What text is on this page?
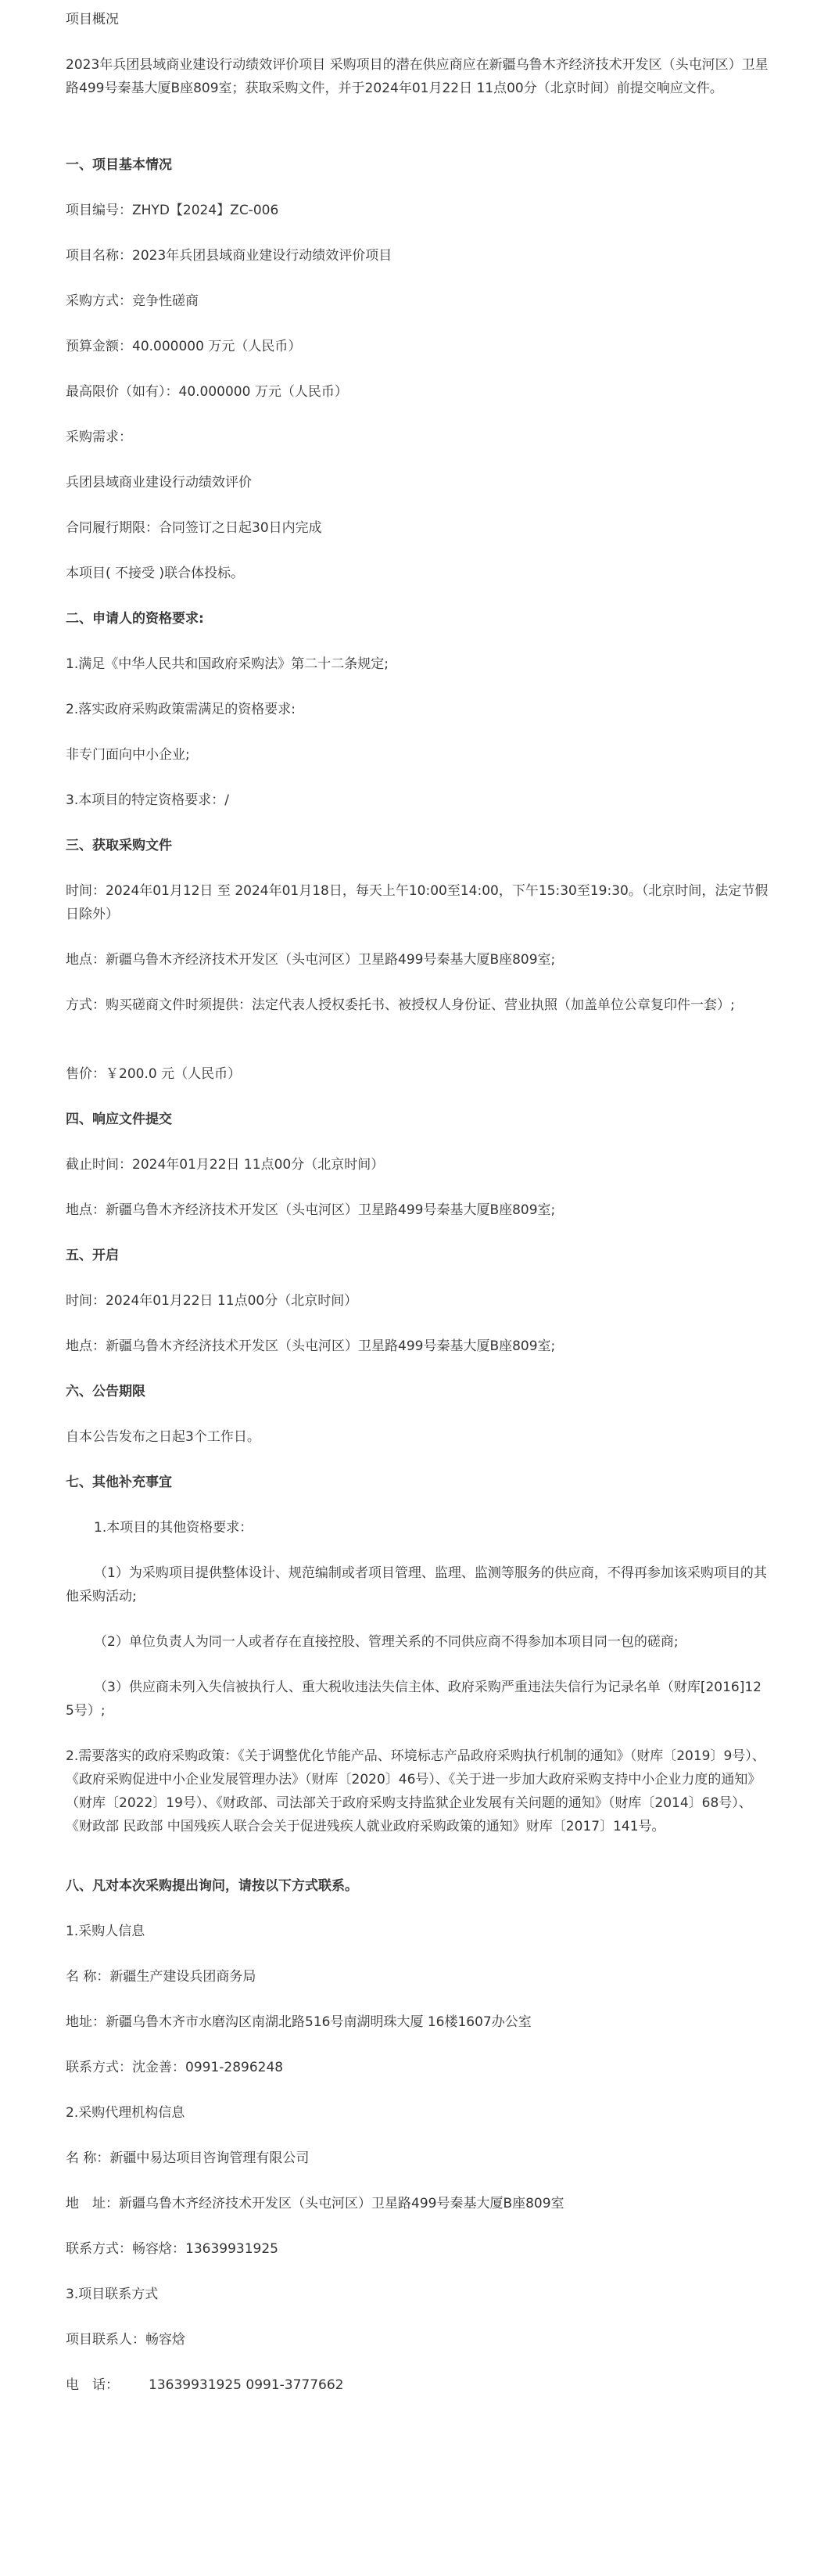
项目概况

2023年兵团县域商业建设行动绩效评价项目 采购项目的潜在供应商应在新疆乌鲁木齐经济技术开发区（头屯河区）卫星路499号秦基大厦B座809室；获取采购文件，并于2024年01月22日 11点00分（北京时间）前提交响应文件。

一、项目基本情况

项目编号：ZHYD【2024】ZC-006

项目名称：2023年兵团县域商业建设行动绩效评价项目

采购方式：竞争性磋商

预算金额：40.000000 万元（人民币）

最高限价（如有）：40.000000 万元（人民币）

采购需求：

兵团县域商业建设行动绩效评价

合同履行期限：合同签订之日起30日内完成

本项目( 不接受 )联合体投标。

二、申请人的资格要求:

1.满足《中华人民共和国政府采购法》第二十二条规定;

2.落实政府采购政策需满足的资格要求:

非专门面向中小企业;

3.本项目的特定资格要求：/

三、获取采购文件

时间：2024年01月12日 至 2024年01月18日，每天上午10:00至14:00，下午15:30至19:30。（北京时间，法定节假日除外）

地点：新疆乌鲁木齐经济技术开发区（头屯河区）卫星路499号秦基大厦B座809室;

方式：购买磋商文件时须提供：法定代表人授权委托书、被授权人身份证、营业执照（加盖单位公章复印件一套）;

售价：￥200.0 元（人民币）

四、响应文件提交

截止时间：2024年01月22日 11点00分（北京时间）

地点：新疆乌鲁木齐经济技术开发区（头屯河区）卫星路499号秦基大厦B座809室;

五、开启

时间：2024年01月22日 11点00分（北京时间）

地点：新疆乌鲁木齐经济技术开发区（头屯河区）卫星路499号秦基大厦B座809室;

六、公告期限

自本公告发布之日起3个工作日。

七、其他补充事宜

1.本项目的其他资格要求：

（1）为采购项目提供整体设计、规范编制或者项目管理、监理、监测等服务的供应商，不得再参加该采购项目的其他采购活动;

（2）单位负责人为同一人或者存在直接控股、管理关系的不同供应商不得参加本项目同一包的磋商;

（3）供应商未列入失信被执行人、重大税收违法失信主体、政府采购严重违法失信行为记录名单（财库[2016]125号）;

2.需要落实的政府采购政策：《关于调整优化节能产品、环境标志产品政府采购执行机制的通知》（财库〔2019〕9号）、《政府采购促进中小企业发展管理办法》（财库〔2020〕46号）、《关于进一步加大政府采购支持中小企业力度的通知》（财库〔2022〕19号）、《财政部、司法部关于政府采购支持监狱企业发展有关问题的通知》（财库〔2014〕68号）、《财政部 民政部 中国残疾人联合会关于促进残疾人就业政府采购政策的通知》财库〔2017〕141号。

八、凡对本次采购提出询问，请按以下方式联系。

1.采购人信息

名 称：新疆生产建设兵团商务局

地址：新疆乌鲁木齐市水磨沟区南湖北路516号南湖明珠大厦 16楼1607办公室

联系方式：沈金善：0991-2896248

2.采购代理机构信息

名 称：新疆中易达项目咨询管理有限公司

地　址：新疆乌鲁木齐经济技术开发区（头屯河区）卫星路499号秦基大厦B座809室

联系方式：畅容焓：13639931925

3.项目联系方式

项目联系人：畅容焓

电　话： 13639931925 0991-3777662
